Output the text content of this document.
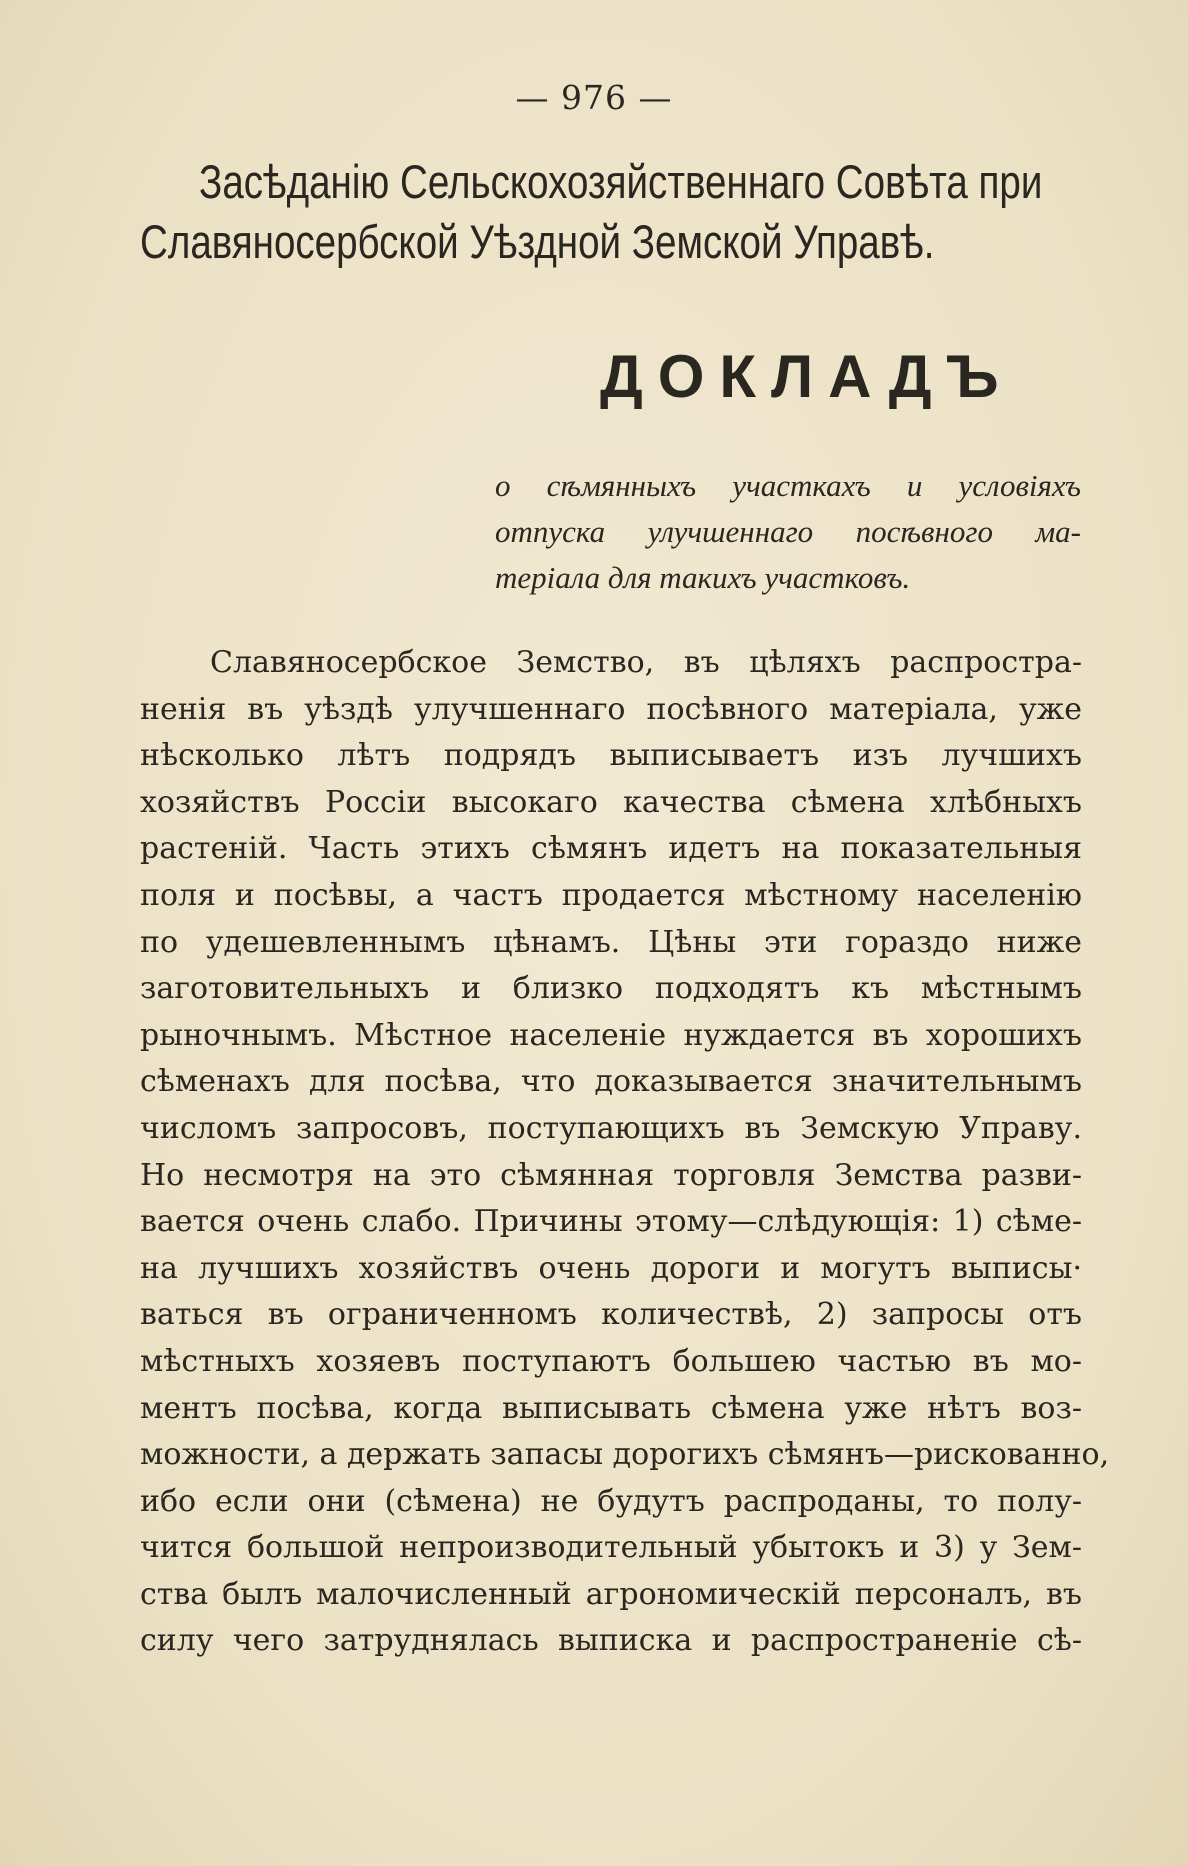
— 976 —
Засѣданію Сельскохозяйственнаго Совѣта при
Славяносербской Уѣздной Земской Управѣ.
ДОКЛАДЪ
о сѣмянныхъ участкахъ и условіяхъ
отпуска улучшеннаго посѣвного ма-
теріала для такихъ участковъ.
Славяносербское Земство, въ цѣляхъ распростра-
ненія въ уѣздѣ улучшеннаго посѣвного матеріала, уже
нѣсколько лѣтъ подрядъ выписываетъ изъ лучшихъ
хозяйствъ Россіи высокаго качества сѣмена хлѣбныхъ
растеній. Часть этихъ сѣмянъ идетъ на показательныя
поля и посѣвы, а частъ продается мѣстному населенію
по удешевленнымъ цѣнамъ. Цѣны эти гораздо ниже
заготовительныхъ и близко подходятъ къ мѣстнымъ
рыночнымъ. Мѣстное населеніе нуждается въ хорошихъ
сѣменахъ для посѣва, что доказывается значительнымъ
числомъ запросовъ, поступающихъ въ Земскую Управу.
Но несмотря на это сѣмянная торговля Земства разви-
вается очень слабо. Причины этому—слѣдующія: 1) сѣме-
на лучшихъ хозяйствъ очень дороги и могутъ выписы·
ваться въ ограниченномъ количествѣ, 2) запросы отъ
мѣстныхъ хозяевъ поступаютъ большею частью въ мо-
ментъ посѣва, когда выписывать сѣмена уже нѣтъ воз-
можности, а держать запасы дорогихъ сѣмянъ—рискованно,
ибо если они (сѣмена) не будутъ распроданы, то полу-
чится большой непроизводительный убытокъ и 3) у Зем-
ства былъ малочисленный агрономическій персоналъ, въ
силу чего затруднялась выписка и распространеніе сѣ-
